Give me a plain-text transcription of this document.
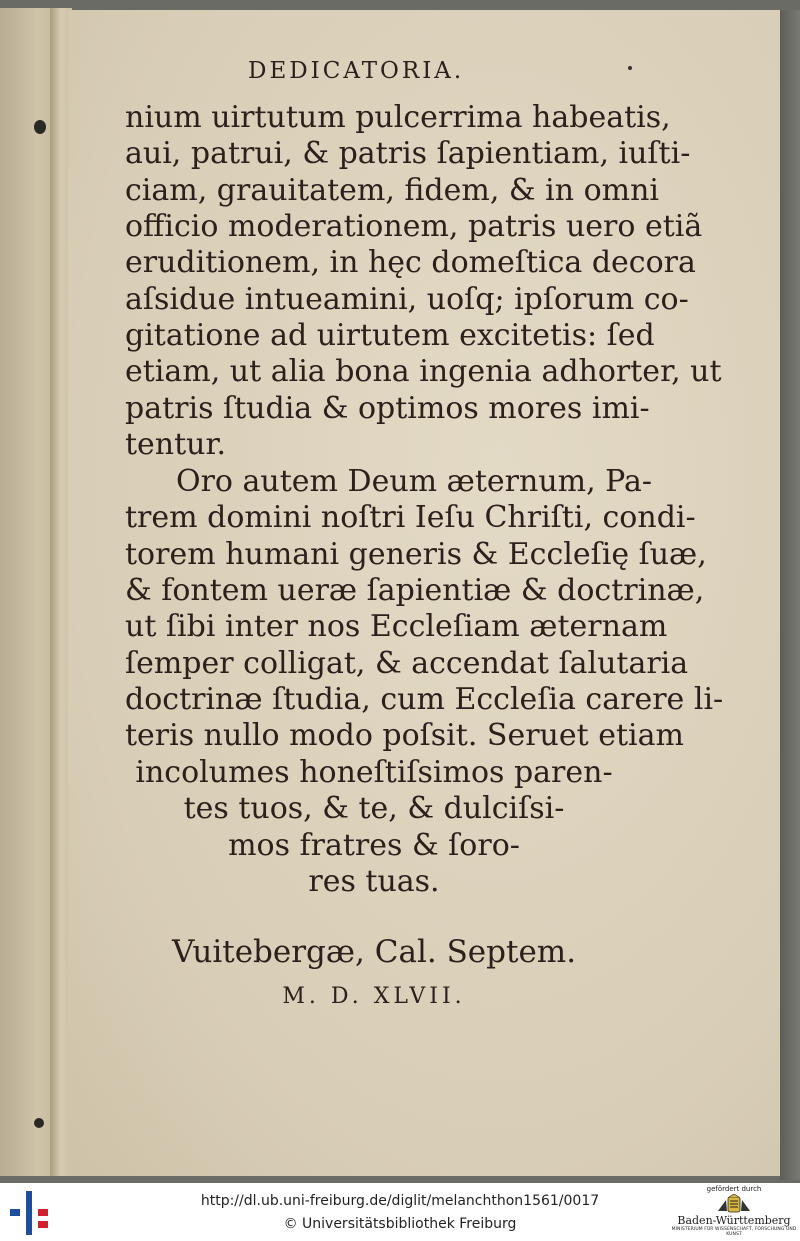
DEDICATORIA.
nium uirtutum pulcerrima habeatis,
aui, patrui, & patris ſapientiam, iuſti-
ciam, grauitatem, fidem, & in omni
officio moderationem, patris uero etiã
eruditionem, in hęc domeſtica decora
aſsidue intueamini, uoſq; ipſorum co-
gitatione ad uirtutem excitetis: ſed
etiam, ut alia bona ingenia adhorter, ut
patris ſtudia & optimos mores imi-
tentur.
Oro autem Deum æternum, Pa-
trem domini noſtri Ieſu Chriſti, condi-
torem humani generis & Eccleſię ſuæ,
& fontem ueræ ſapientiæ & doctrinæ,
ut ſibi inter nos Eccleſiam æternam
ſemper colligat, & accendat ſalutaria
doctrinæ ſtudia, cum Eccleſia carere li-
teris nullo modo poſsit. Seruet etiam
incolumes honeſtiſsimos paren-
tes tuos, & te, & dulciſsi-
mos fratres & ſoro-
res tuas.
Vuitebergæ, Cal. Septem.
M. D. XLVII.
http://dl.ub.uni-freiburg.de/diglit/melanchthon1561/0017
© Universitätsbibliothek Freiburg
gefördert durch
Baden-Württemberg
MINISTERIUM FÜR WISSENSCHAFT, FORSCHUNG UND KUNST
